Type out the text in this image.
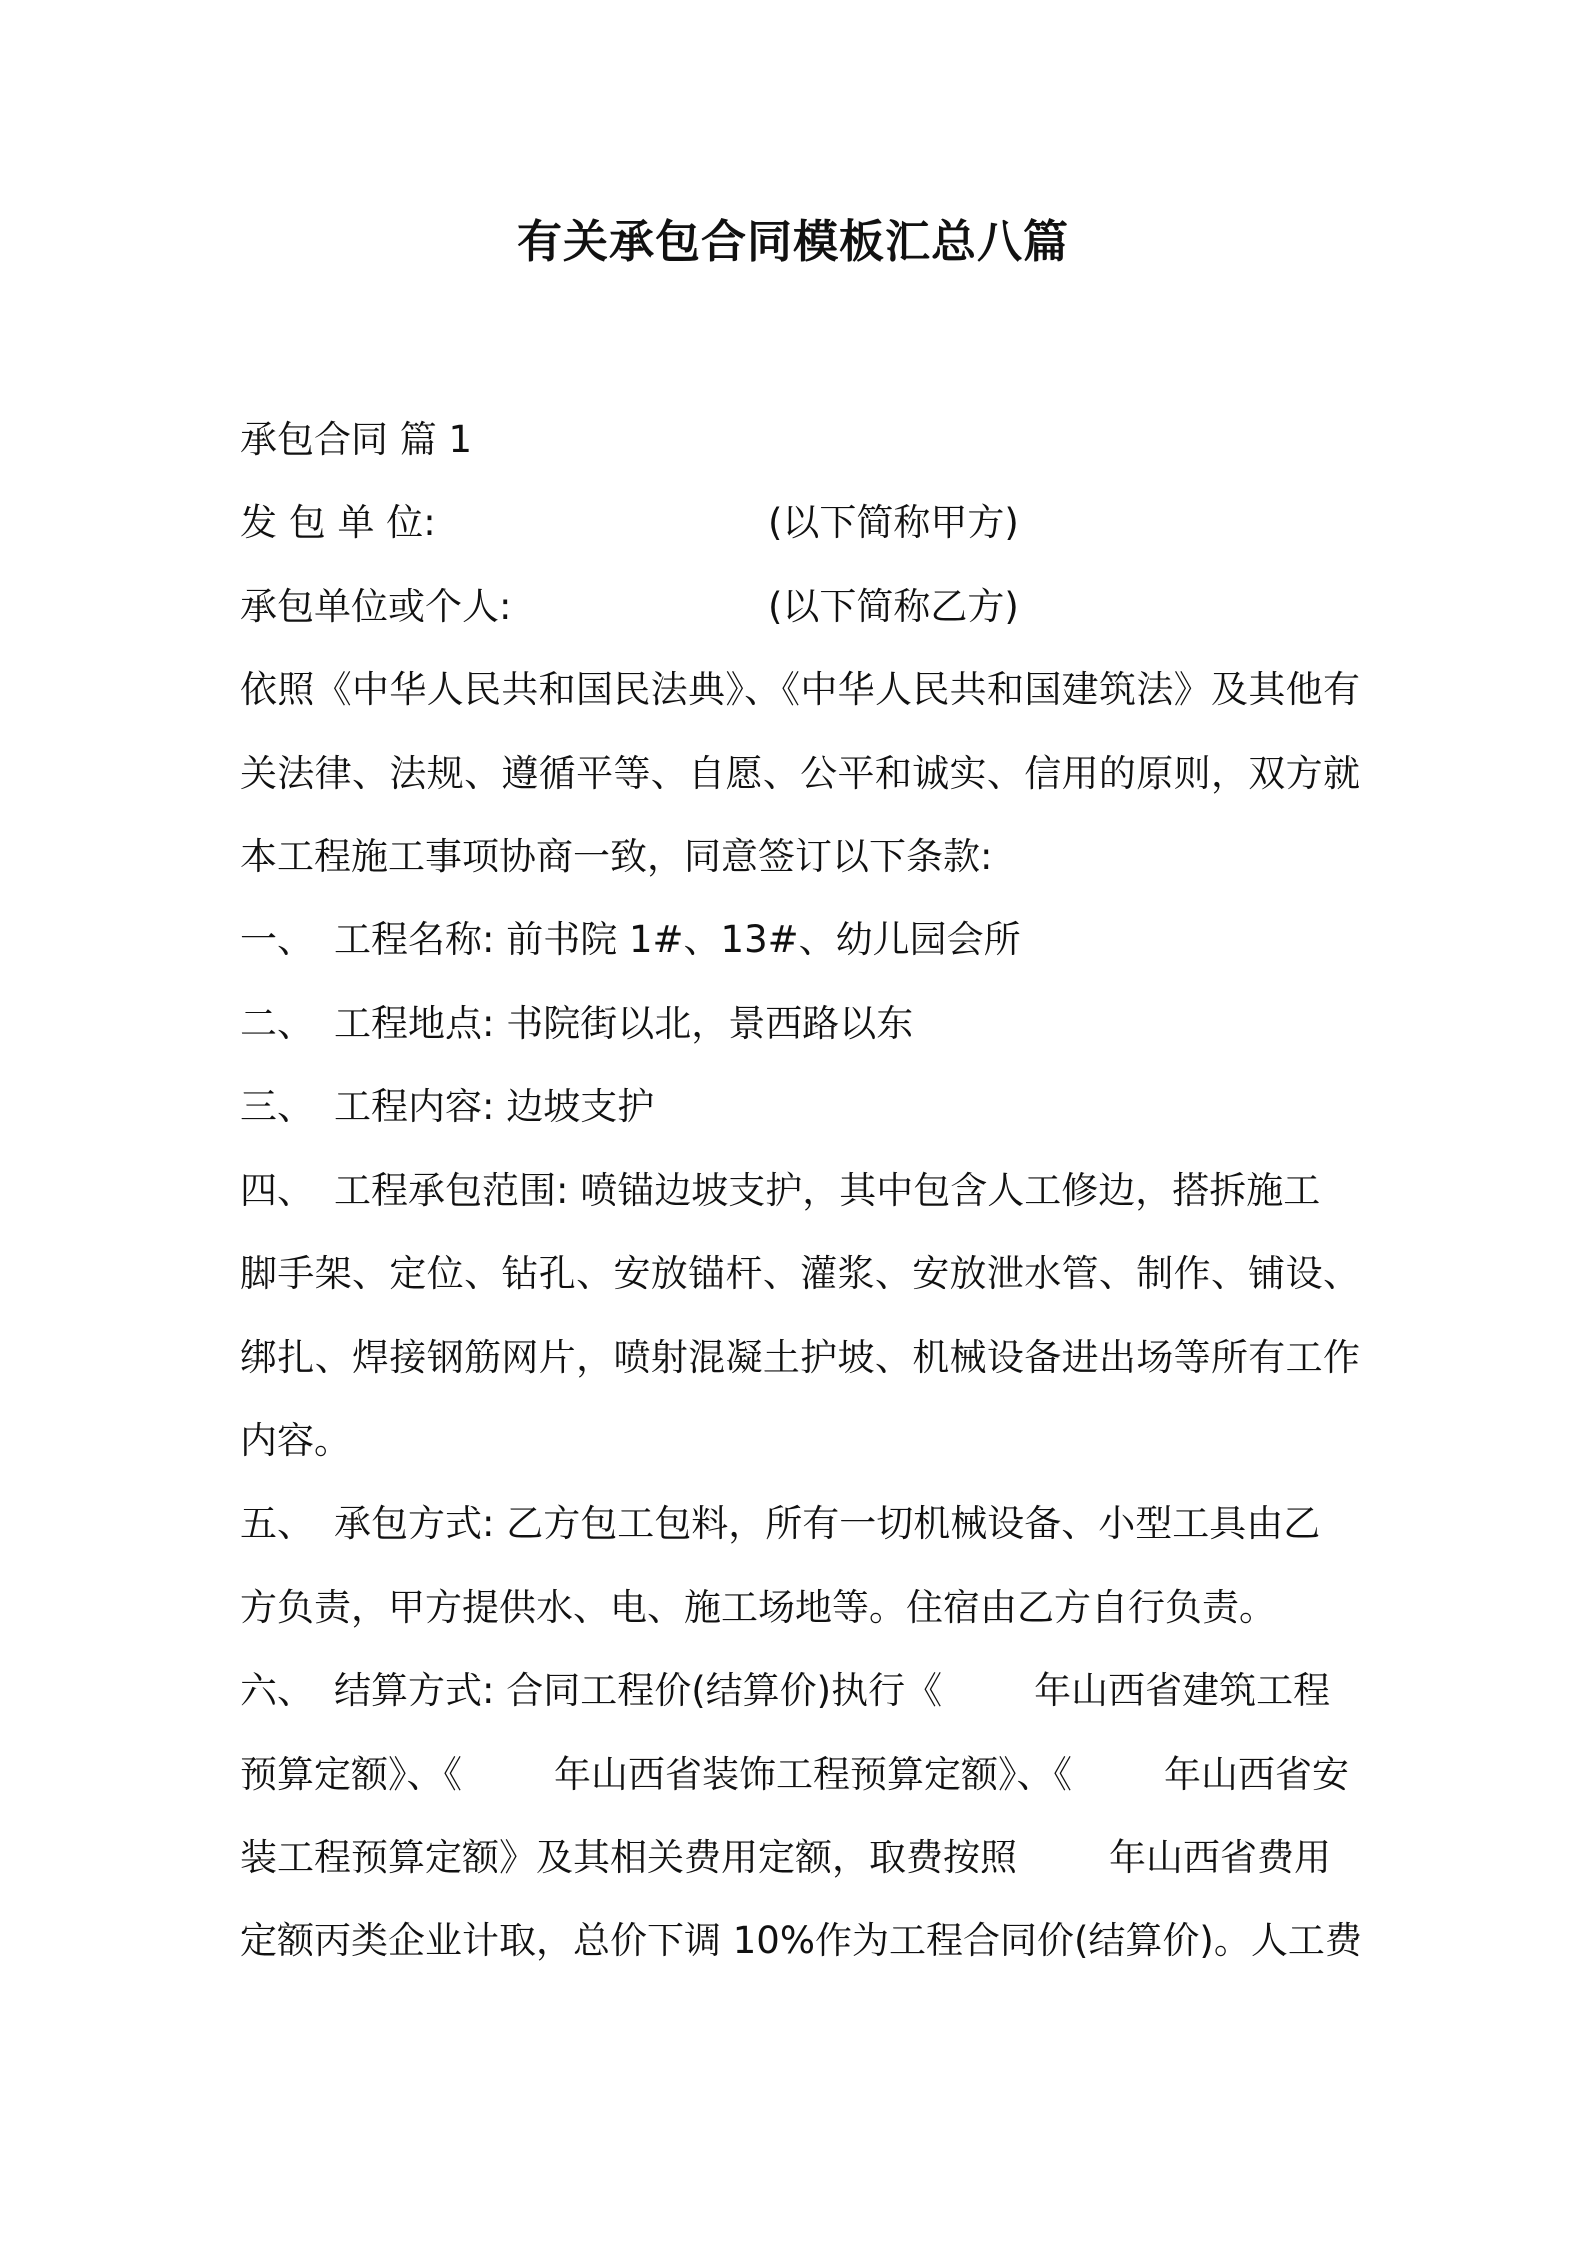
有关承包合同模板汇总八篇
承包合同 篇 1
发 包 单 位:	(以下简称甲方)
承包单位或个人:	(以下简称乙方)
依照《中华人民共和国民法典》、《中华人民共和国建筑法》及其他有
关法律、法规、遵循平等、自愿、公平和诚实、信用的原则，双方就
本工程施工事项协商一致，同意签订以下条款:
一、 工程名称: 前书院 1#、13#、幼儿园会所
二、 工程地点: 书院街以北，景西路以东
三、 工程内容: 边坡支护
四、 工程承包范围: 喷锚边坡支护，其中包含人工修边，搭拆施工
脚手架、定位、钻孔、安放锚杆、灌浆、安放泄水管、制作、铺设、
绑扎、焊接钢筋网片，喷射混凝土护坡、机械设备进出场等所有工作
内容。
五、 承包方式: 乙方包工包料，所有一切机械设备、小型工具由乙
方负责，甲方提供水、电、施工场地等。住宿由乙方自行负责。
六、 结算方式: 合同工程价(结算价)执行《 年山西省建筑工程
预算定额》、《 年山西省装饰工程预算定额》、《 年山西省安
装工程预算定额》及其相关费用定额，取费按照 年山西省费用
定额丙类企业计取，总价下调 10%作为工程合同价(结算价)。人工费
